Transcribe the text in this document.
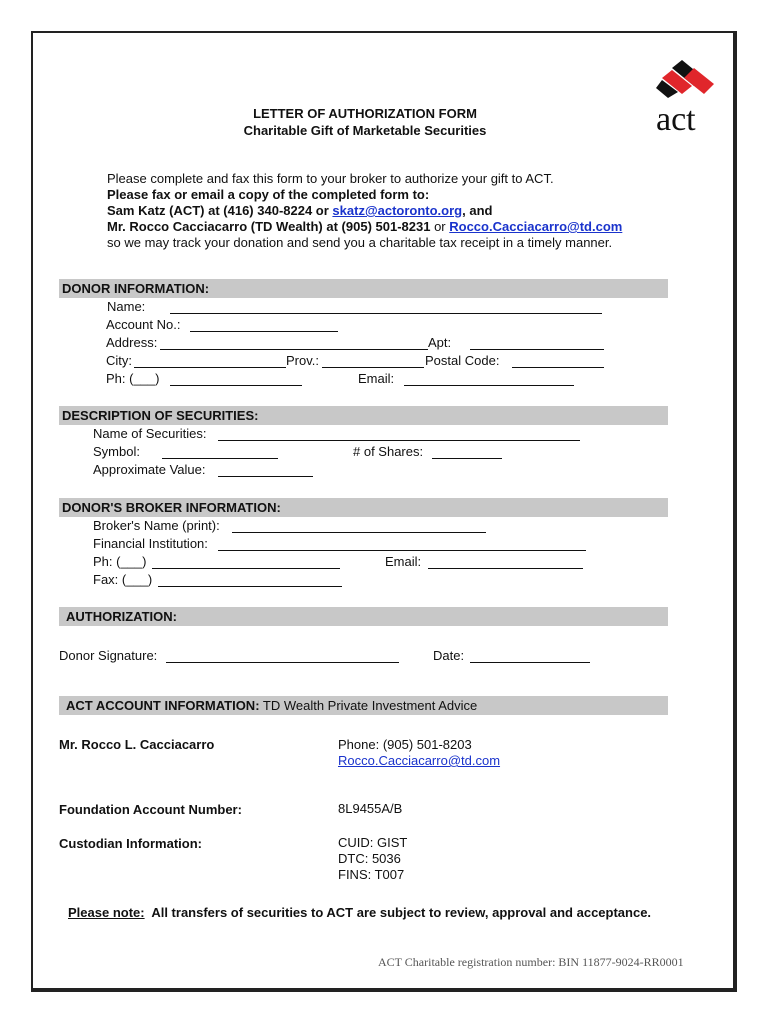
act
LETTER OF AUTHORIZATION FORM
Charitable Gift of Marketable Securities
Please complete and fax this form to your broker to authorize your gift to ACT.
Please fax or email a copy of the completed form to:
Sam Katz (ACT) at (416) 340-8224 or skatz@actoronto.org, and
Mr. Rocco Cacciacarro (TD Wealth) at (905) 501-8231 or Rocco.Cacciacarro@td.com
so we may track your donation and send you a charitable tax receipt in a timely manner.
DONOR INFORMATION:
Name:
Account No.:
Address:	Apt:
City:	Prov.:	Postal Code:
Ph: (___)	Email:
DESCRIPTION OF SECURITIES:
Name of Securities:
Symbol:	# of Shares:
Approximate Value:
DONOR'S BROKER INFORMATION:
Broker's Name (print):
Financial Institution:
Ph: (___)	Email:
Fax: (___)
AUTHORIZATION:
Donor Signature:	Date:
ACT ACCOUNT INFORMATION: TD Wealth Private Investment Advice
Mr. Rocco L. Cacciacarro	Phone: (905) 501-8203
Rocco.Cacciacarro@td.com
Foundation Account Number:	8L9455A/B
Custodian Information:	CUID: GIST
DTC: 5036
FINS: T007
Please note:  All transfers of securities to ACT are subject to review, approval and acceptance.
ACT Charitable registration number: BIN 11877-9024-RR0001
